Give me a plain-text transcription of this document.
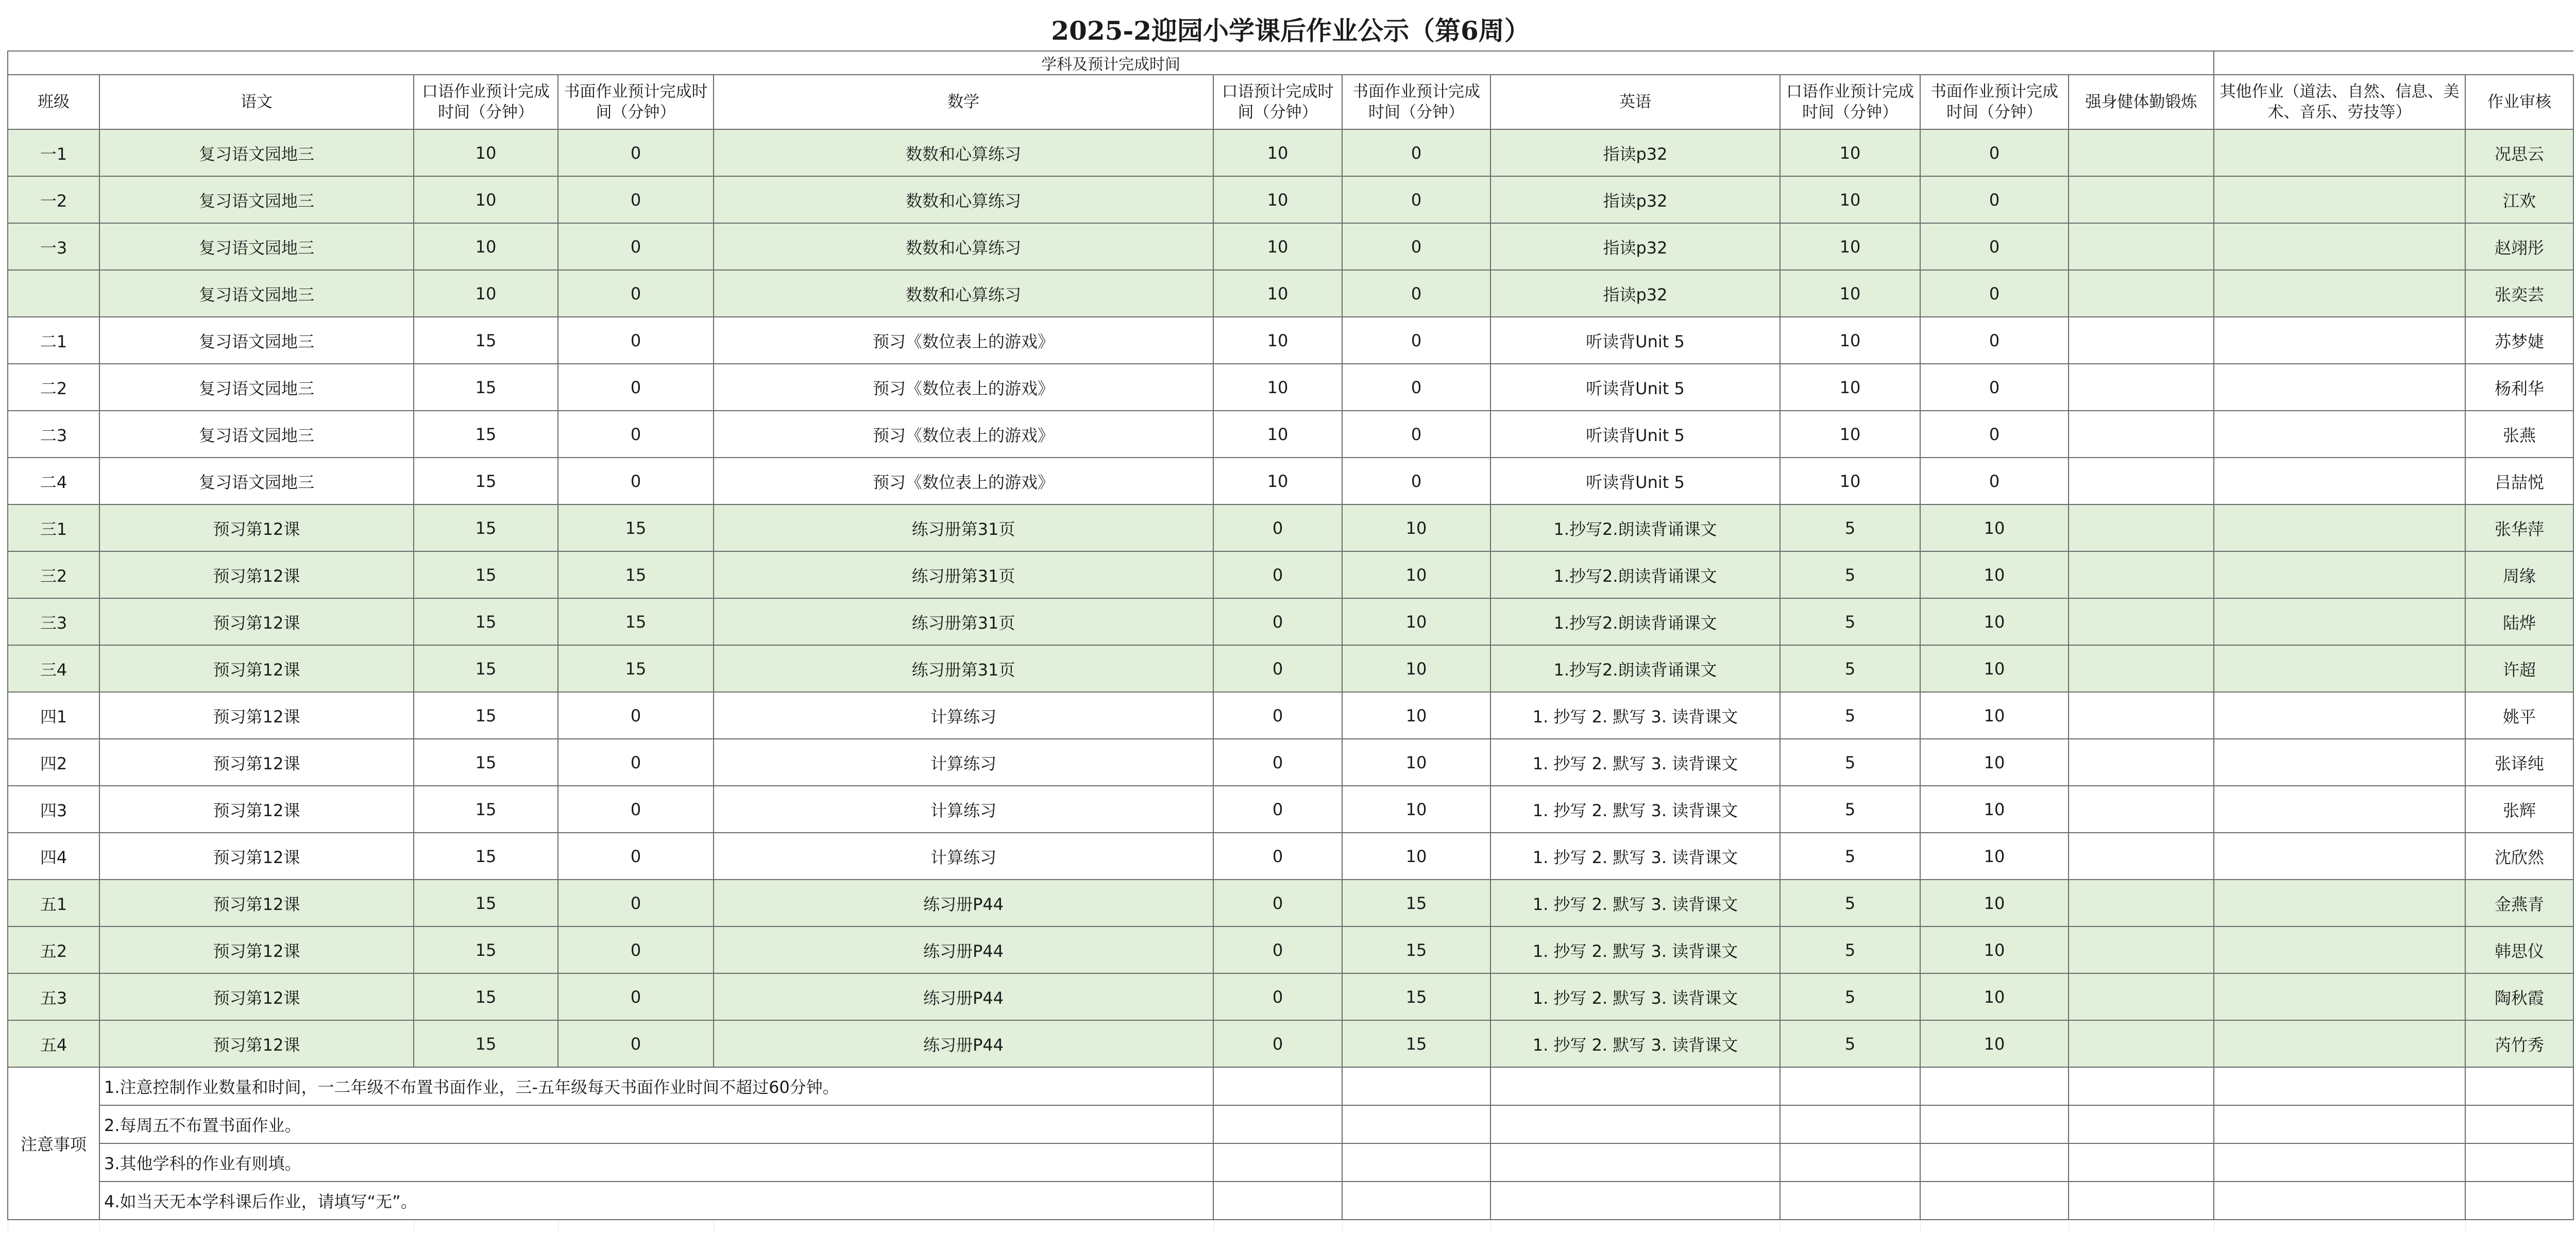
2025-2迎园小学课后作业公示（第6周）												
学科及预计完成时间												
班级	语文	口语作业预计完成时间（分钟）	书面作业预计完成时间（分钟）	数学	口语预计完成时间（分钟）	书面作业预计完成时间（分钟）	英语	口语作业预计完成时间（分钟）	书面作业预计完成时间（分钟）	强身健体勤锻炼	其他作业（道法、自然、信息、美术、音乐、劳技等）	作业审核
一1	复习语文园地三	10	0	数数和心算练习	10	0	指读p32	10	0			况思云
一2	复习语文园地三	10	0	数数和心算练习	10	0	指读p32	10	0			江欢
一3	复习语文园地三	10	0	数数和心算练习	10	0	指读p32	10	0			赵翊彤
	复习语文园地三	10	0	数数和心算练习	10	0	指读p32	10	0			张奕芸
二1	复习语文园地三	15	0	预习《数位表上的游戏》	10	0	听读背Unit 5	10	0			苏梦婕
二2	复习语文园地三	15	0	预习《数位表上的游戏》	10	0	听读背Unit 5	10	0			杨利华
二3	复习语文园地三	15	0	预习《数位表上的游戏》	10	0	听读背Unit 5	10	0			张燕
二4	复习语文园地三	15	0	预习《数位表上的游戏》	10	0	听读背Unit 5	10	0			吕喆悦
三1	预习第12课	15	15	练习册第31页	0	10	1.抄写2.朗读背诵课文	5	10			张华萍
三2	预习第12课	15	15	练习册第31页	0	10	1.抄写2.朗读背诵课文	5	10			周缘
三3	预习第12课	15	15	练习册第31页	0	10	1.抄写2.朗读背诵课文	5	10			陆烨
三4	预习第12课	15	15	练习册第31页	0	10	1.抄写2.朗读背诵课文	5	10			许超
四1	预习第12课	15	0	计算练习	0	10	1. 抄写 2. 默写 3. 读背课文	5	10			姚平
四2	预习第12课	15	0	计算练习	0	10	1. 抄写 2. 默写 3. 读背课文	5	10			张译纯
四3	预习第12课	15	0	计算练习	0	10	1. 抄写 2. 默写 3. 读背课文	5	10			张辉
四4	预习第12课	15	0	计算练习	0	10	1. 抄写 2. 默写 3. 读背课文	5	10			沈欣然
五1	预习第12课	15	0	练习册P44	0	15	1. 抄写 2. 默写 3. 读背课文	5	10			金燕青
五2	预习第12课	15	0	练习册P44	0	15	1. 抄写 2. 默写 3. 读背课文	5	10			韩思仪
五3	预习第12课	15	0	练习册P44	0	15	1. 抄写 2. 默写 3. 读背课文	5	10			陶秋霞
五4	预习第12课	15	0	练习册P44	0	15	1. 抄写 2. 默写 3. 读背课文	5	10			芮竹秀
注意事项	1.注意控制作业数量和时间，一二年级不布置书面作业，三-五年级每天书面作业时间不超过60分钟。											
	2.每周五不布置书面作业。											
	3.其他学科的作业有则填。											
	4.如当天无本学科课后作业，请填写“无”。											
